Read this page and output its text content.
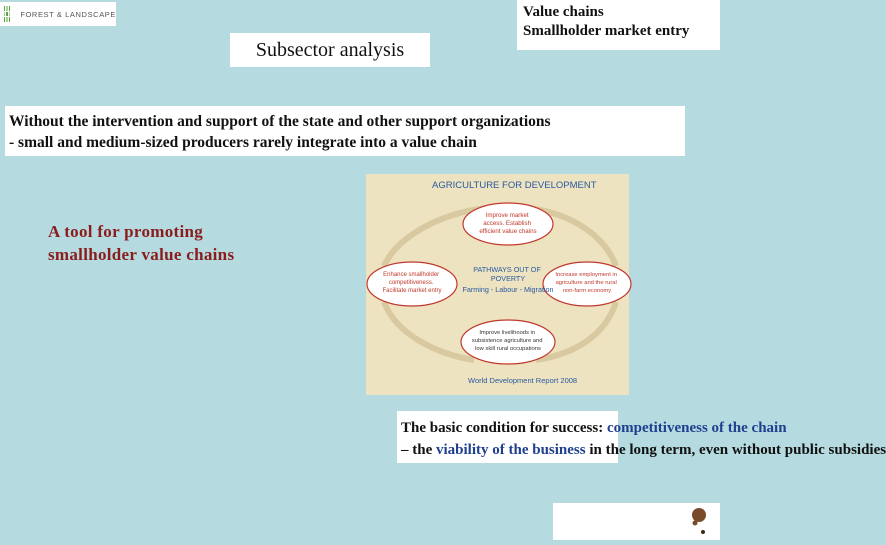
FOREST & LANDSCAPE
Subsector analysis
Value chains
Smallholder market entry
Without the intervention and support of the state and other support organizations
- small and medium-sized producers rarely integrate into a value chain
A tool for promoting
smallholder value chains
AGRICULTURE FOR DEVELOPMENT
Improve market access. Establish efficient value chains
Enhance smallholder competitiveness. Facilitate market entry
Increase employment in agriculture and the rural non-farm economy
Improve livelihoods in subsistence agriculture and low skill rural occupations
PATHWAYS OUT OF POVERTY
Farming - Labour - Migration
World Development Report 2008
The basic condition for success: competitiveness of the chain
– the viability of the business in the long term, even without public subsidies
